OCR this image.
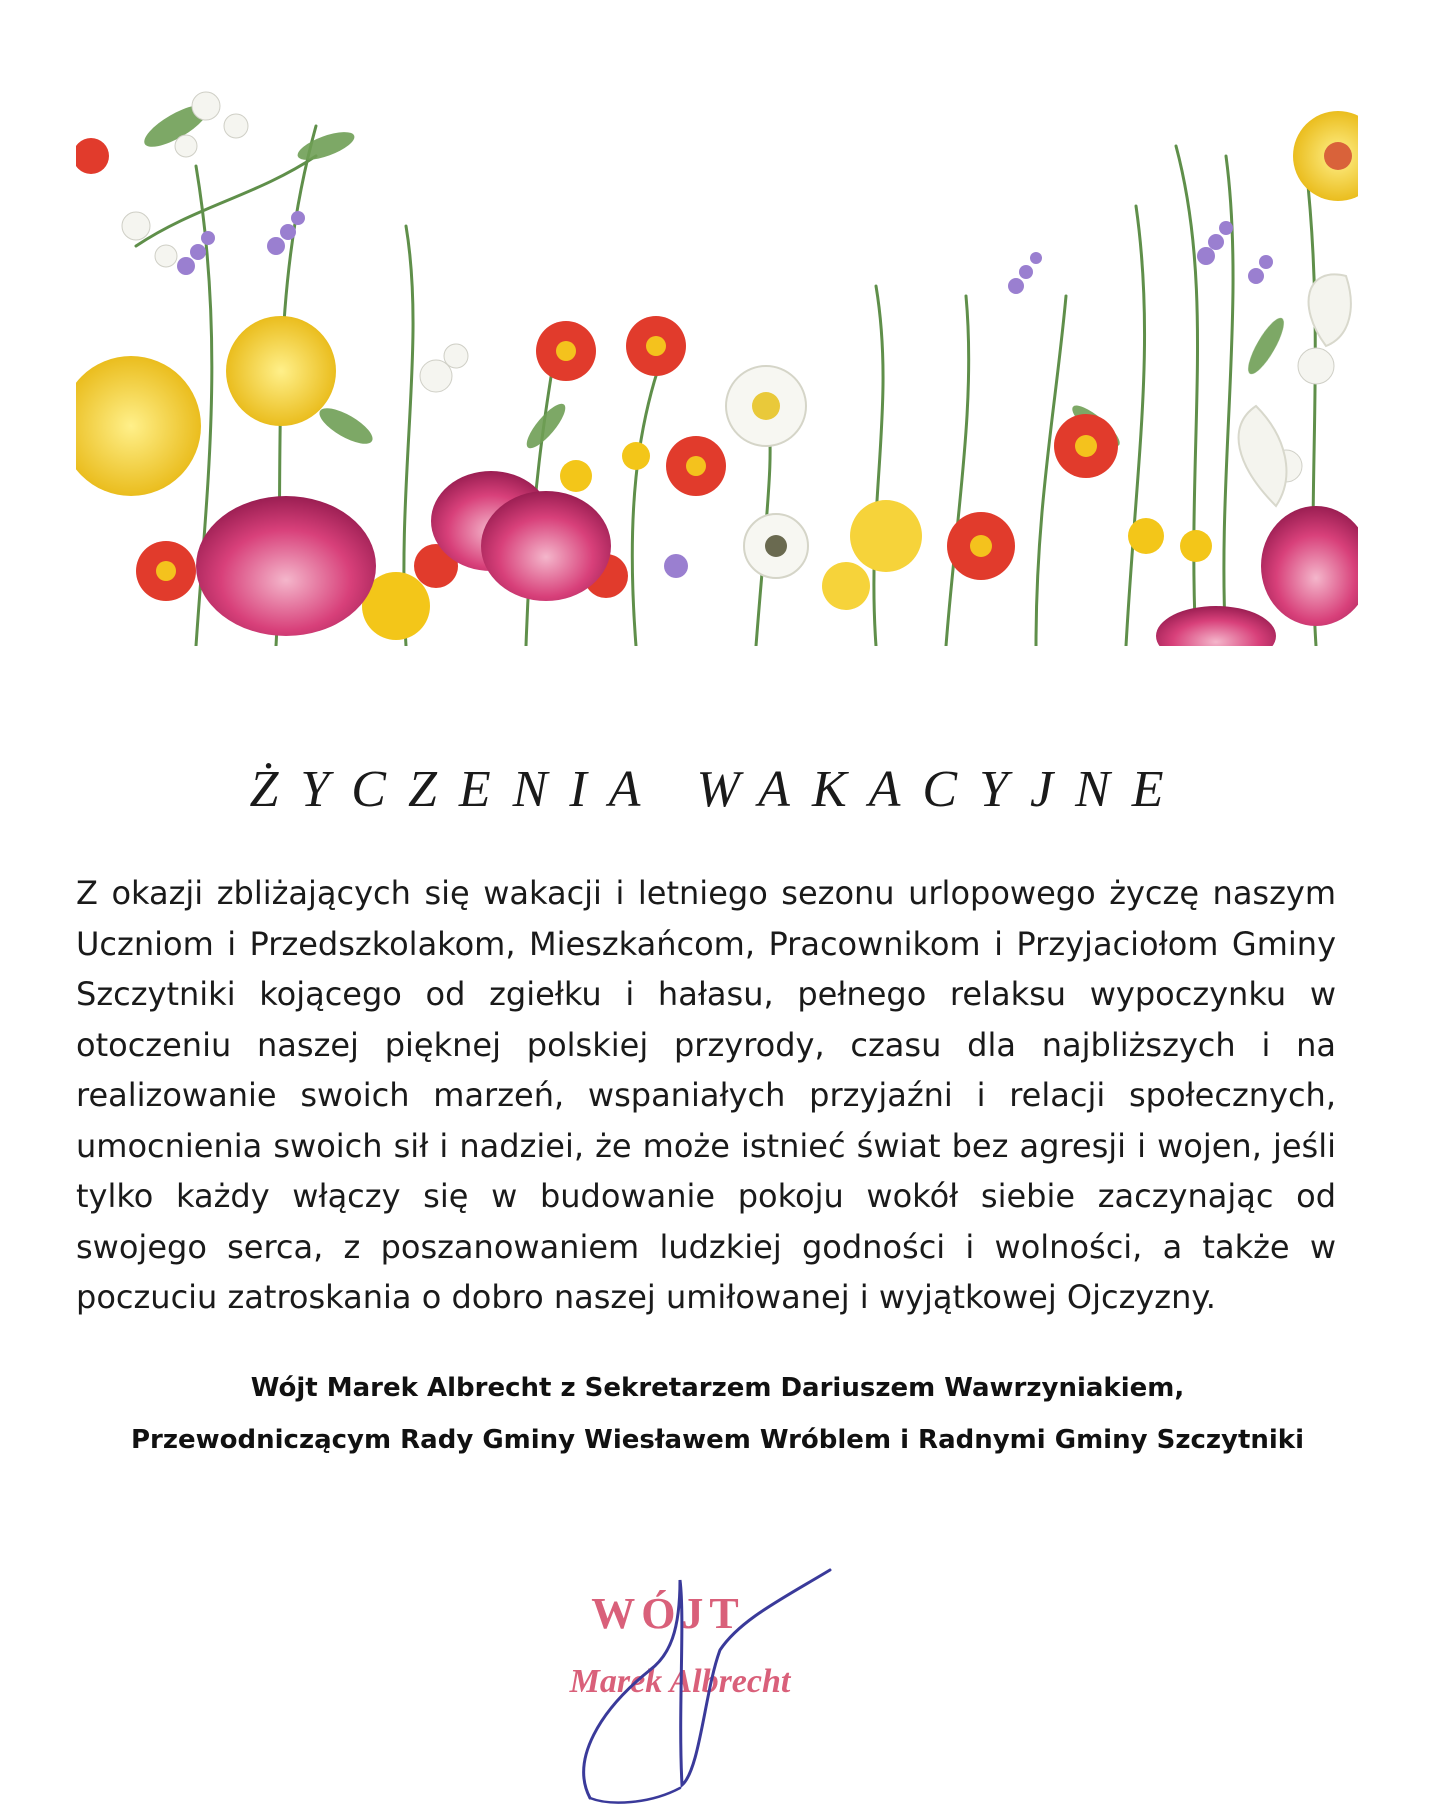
ŻYCZENIA WAKACYJNE

Z okazji zbliżających się wakacji i letniego sezonu urlopowego życzę naszym Uczniom i Przedszkolakom, Mieszkańcom, Pracownikom i Przyjaciołom Gminy Szczytniki kojącego od zgiełku i hałasu, pełnego relaksu wypoczynku w otoczeniu naszej pięknej polskiej przyrody, czasu dla najbliższych i na realizowanie swoich marzeń, wspaniałych przyjaźni i relacji społecznych, umocnienia swoich sił i nadziei, że może istnieć świat bez agresji i wojen, jeśli tylko każdy włączy się w budowanie pokoju wokół siebie zaczynając od swojego serca, z poszanowaniem ludzkiej godności i wolności, a także w poczuciu zatroskania o dobro naszej umiłowanej i wyjątkowej Ojczyzny.

Wójt Marek Albrecht z Sekretarzem Dariuszem Wawrzyniakiem,
Przewodniczącym Rady Gminy Wiesławem Wróblem i Radnymi Gminy Szczytniki
WÓJT
Marek Albrecht
